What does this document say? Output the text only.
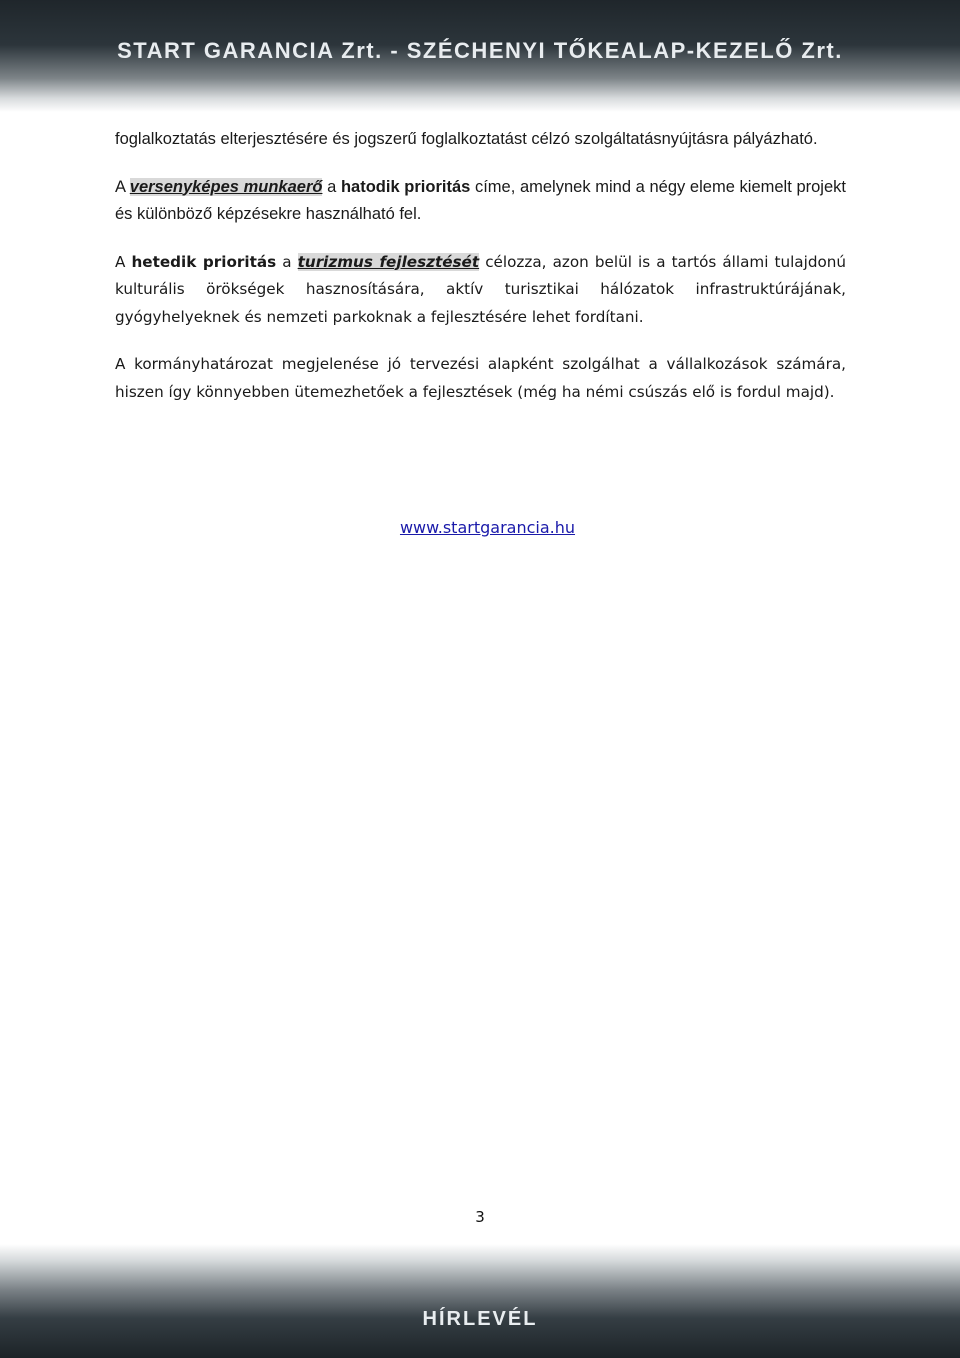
START GARANCIA Zrt. - SZÉCHENYI TŐKEALAP-KEZELŐ Zrt.

foglalkoztatás elterjesztésére és jogszerű foglalkoztatást célzó szolgáltatásnyújtásra pályázható.

A versenyképes munkaerő a hatodik prioritás címe, amelynek mind a négy eleme kiemelt projekt és különböző képzésekre használható fel.

A hetedik prioritás a turizmus fejlesztését célozza, azon belül is a tartós állami tulajdonú kulturális örökségek hasznosítására, aktív turisztikai hálózatok infrastruktúrájának, gyógyhelyeknek és nemzeti parkoknak a fejlesztésére lehet fordítani.

A kormányhatározat megjelenése jó tervezési alapként szolgálhat a vállalkozások számára, hiszen így könnyebben ütemezhetőek a fejlesztések (még ha némi csúszás elő is fordul majd).

www.startgarancia.hu
3
HÍRLEVÉL
